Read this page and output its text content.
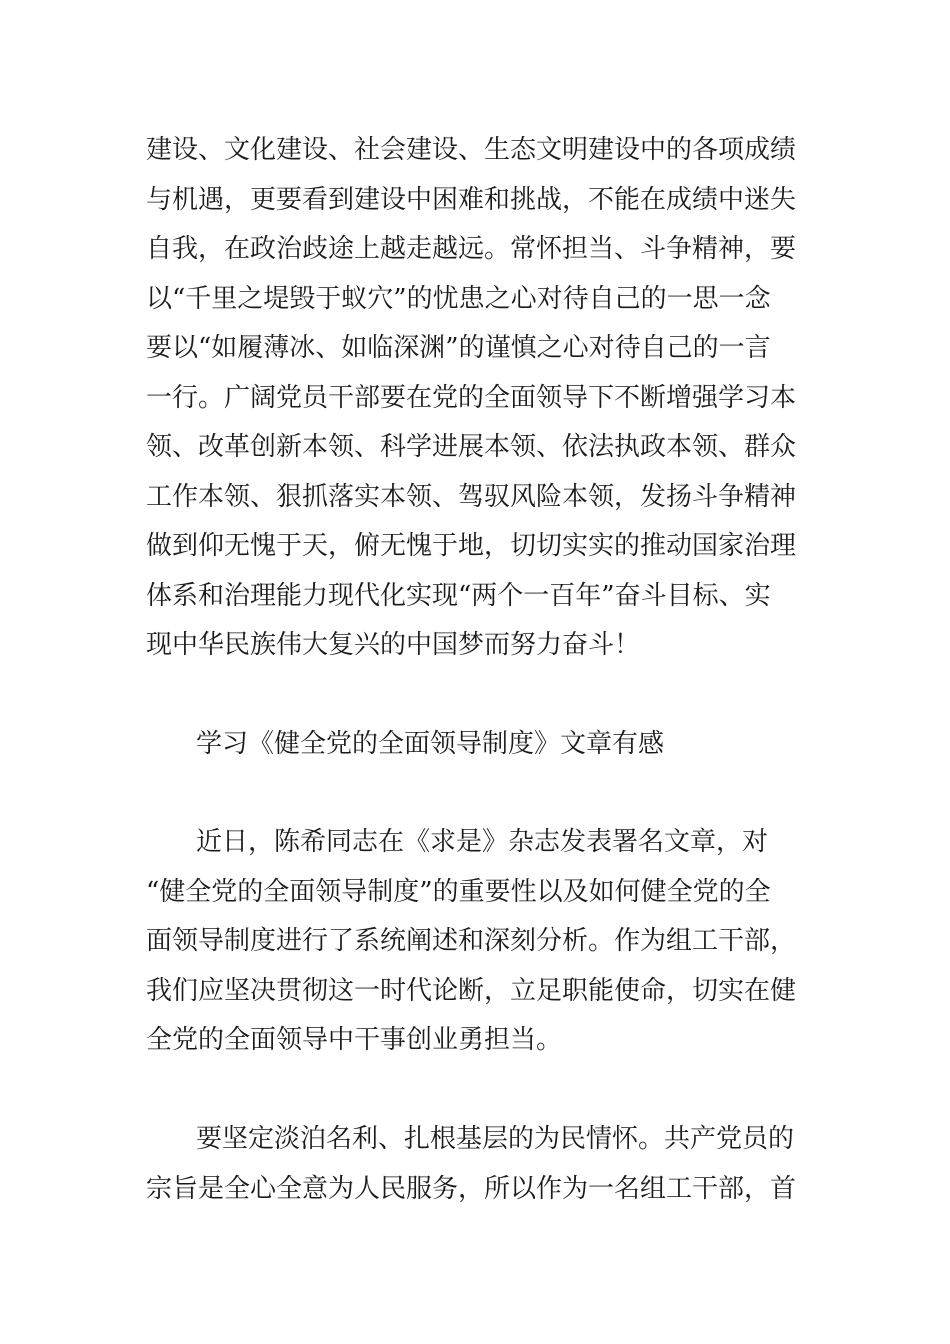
建设、文化建设、社会建设、生态文明建设中的各项成绩
与机遇，更要看到建设中困难和挑战，不能在成绩中迷失
自我，在政治歧途上越走越远。常怀担当、斗争精神，要
以“千里之堤毁于蚁穴”的忧患之心对待自己的一思一念
要以“如履薄冰、如临深渊”的谨慎之心对待自己的一言
一行。广阔党员干部要在党的全面领导下不断增强学习本
领、改革创新本领、科学进展本领、依法执政本领、群众
工作本领、狠抓落实本领、驾驭风险本领，发扬斗争精神
做到仰无愧于天，俯无愧于地，切切实实的推动国家治理
体系和治理能力现代化实现“两个一百年”奋斗目标、实
现中华民族伟大复兴的中国梦而努力奋斗！
学习《健全党的全面领导制度》文章有感
近日，陈希同志在《求是》杂志发表署名文章，对
“健全党的全面领导制度”的重要性以及如何健全党的全
面领导制度进行了系统阐述和深刻分析。作为组工干部，
我们应坚决贯彻这一时代论断，立足职能使命，切实在健
全党的全面领导中干事创业勇担当。
要坚定淡泊名利、扎根基层的为民情怀。共产党员的
宗旨是全心全意为人民服务，所以作为一名组工干部，首
